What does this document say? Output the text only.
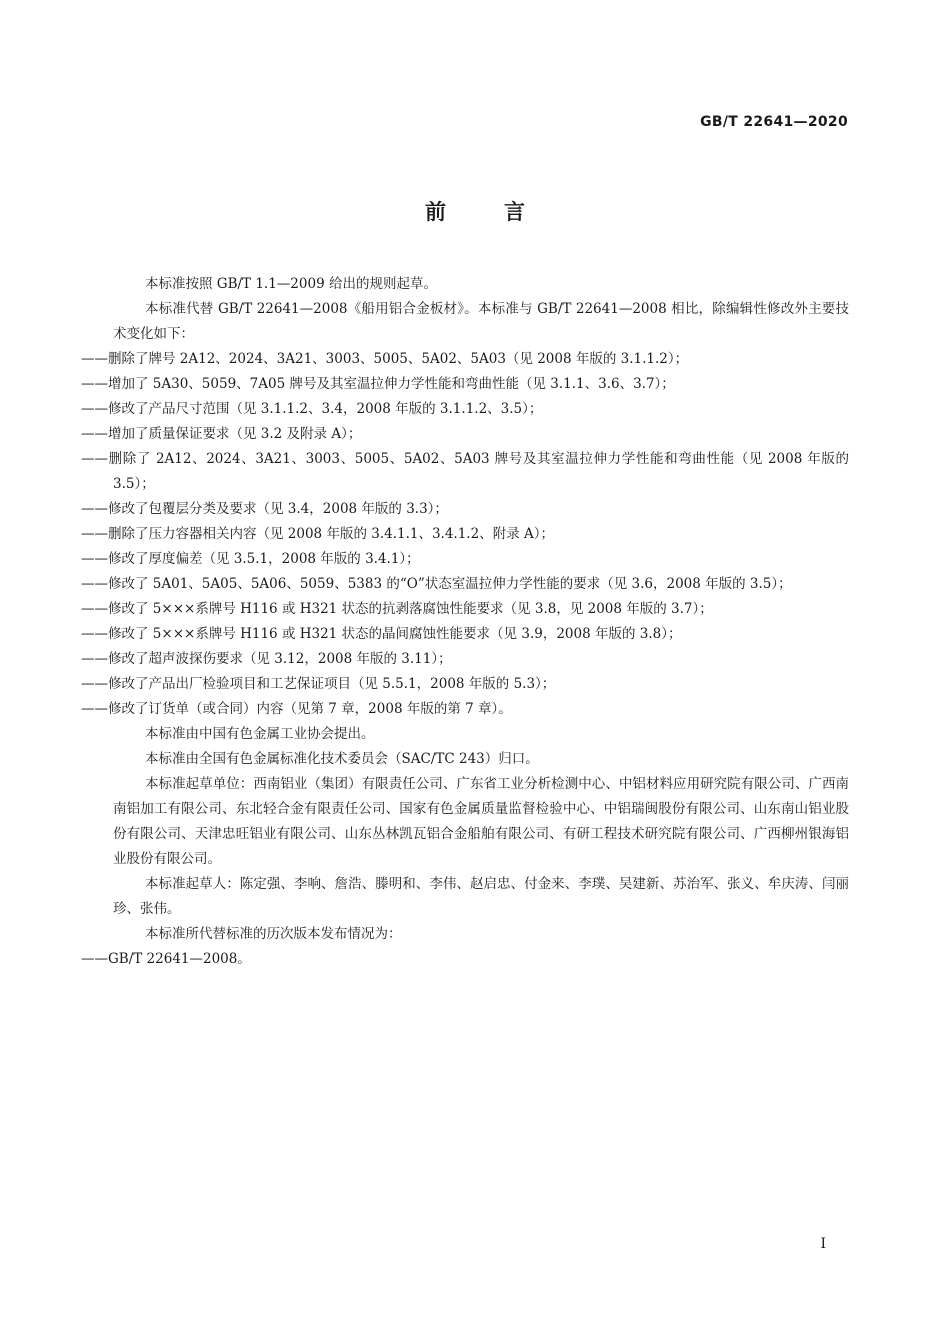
GB/T 22641—2020
前言

本标准按照 GB/T 1.1—2009 给出的规则起草。

本标准代替 GB/T 22641—2008《船用铝合金板材》。本标准与 GB/T 22641—2008 相比，除编辑性修改外主要技术变化如下：

——删除了牌号 2A12、2024、3A21、3003、5005、5A02、5A03（见 2008 年版的 3.1.1.2）；

——增加了 5A30、5059、7A05 牌号及其室温拉伸力学性能和弯曲性能（见 3.1.1、3.6、3.7）；

——修改了产品尺寸范围（见 3.1.1.2、3.4，2008 年版的 3.1.1.2、3.5）；

——增加了质量保证要求（见 3.2 及附录 A）；

——删除了 2A12、2024、3A21、3003、5005、5A02、5A03 牌号及其室温拉伸力学性能和弯曲性能（见 2008 年版的 3.5）；

——修改了包覆层分类及要求（见 3.4，2008 年版的 3.3）；

——删除了压力容器相关内容（见 2008 年版的 3.4.1.1、3.4.1.2、附录 A）；

——修改了厚度偏差（见 3.5.1，2008 年版的 3.4.1）；

——修改了 5A01、5A05、5A06、5059、5383 的“O”状态室温拉伸力学性能的要求（见 3.6，2008 年版的 3.5）；

——修改了 5×××系牌号 H116 或 H321 状态的抗剥落腐蚀性能要求（见 3.8，见 2008 年版的 3.7）；

——修改了 5×××系牌号 H116 或 H321 状态的晶间腐蚀性能要求（见 3.9，2008 年版的 3.8）；

——修改了超声波探伤要求（见 3.12，2008 年版的 3.11）；

——修改了产品出厂检验项目和工艺保证项目（见 5.5.1，2008 年版的 5.3）；

——修改了订货单（或合同）内容（见第 7 章，2008 年版的第 7 章）。

本标准由中国有色金属工业协会提出。

本标准由全国有色金属标准化技术委员会（SAC/TC 243）归口。

本标准起草单位：西南铝业（集团）有限责任公司、广东省工业分析检测中心、中铝材料应用研究院有限公司、广西南南铝加工有限公司、东北轻合金有限责任公司、国家有色金属质量监督检验中心、中铝瑞闽股份有限公司、山东南山铝业股份有限公司、天津忠旺铝业有限公司、山东丛林凯瓦铝合金船舶有限公司、有研工程技术研究院有限公司、广西柳州银海铝业股份有限公司。

本标准起草人：陈定强、李响、詹浩、滕明和、李伟、赵启忠、付金来、李璞、吴建新、苏治军、张义、牟庆涛、闫丽珍、张伟。

本标准所代替标准的历次版本发布情况为：

——GB/T 22641—2008。

I
